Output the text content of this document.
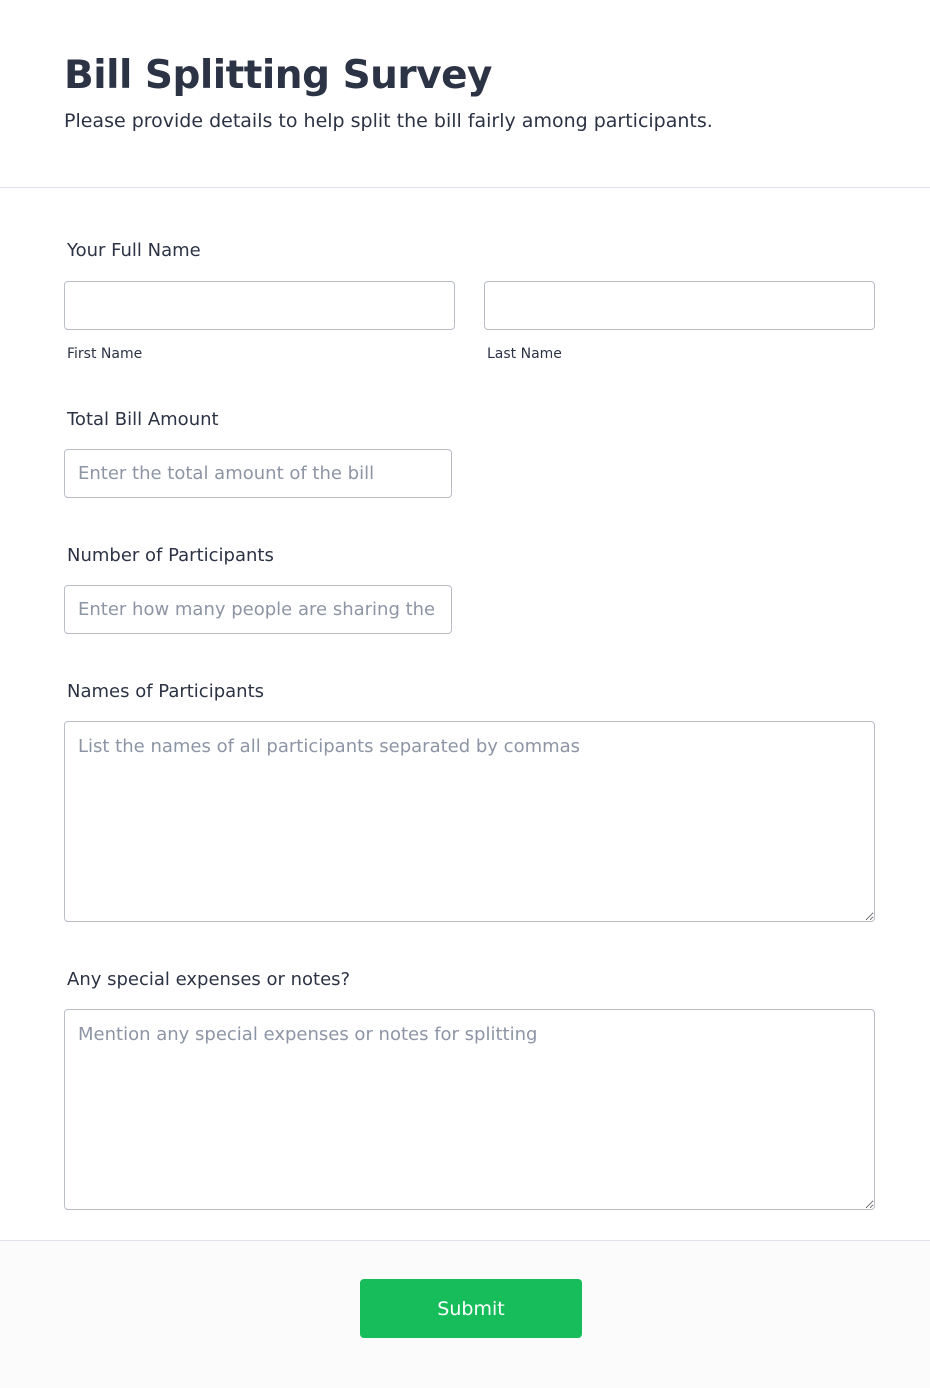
Bill Splitting Survey

Please provide details to help split the bill fairly among participants.

Your Full Name
First Name	Last Name
Total Bill Amount
Enter the total amount of the bill
Number of Participants
Enter how many people are sharing the bill
Names of Participants
List the names of all participants separated by commas
Any special expenses or notes?
Mention any special expenses or notes for splitting
Submit
